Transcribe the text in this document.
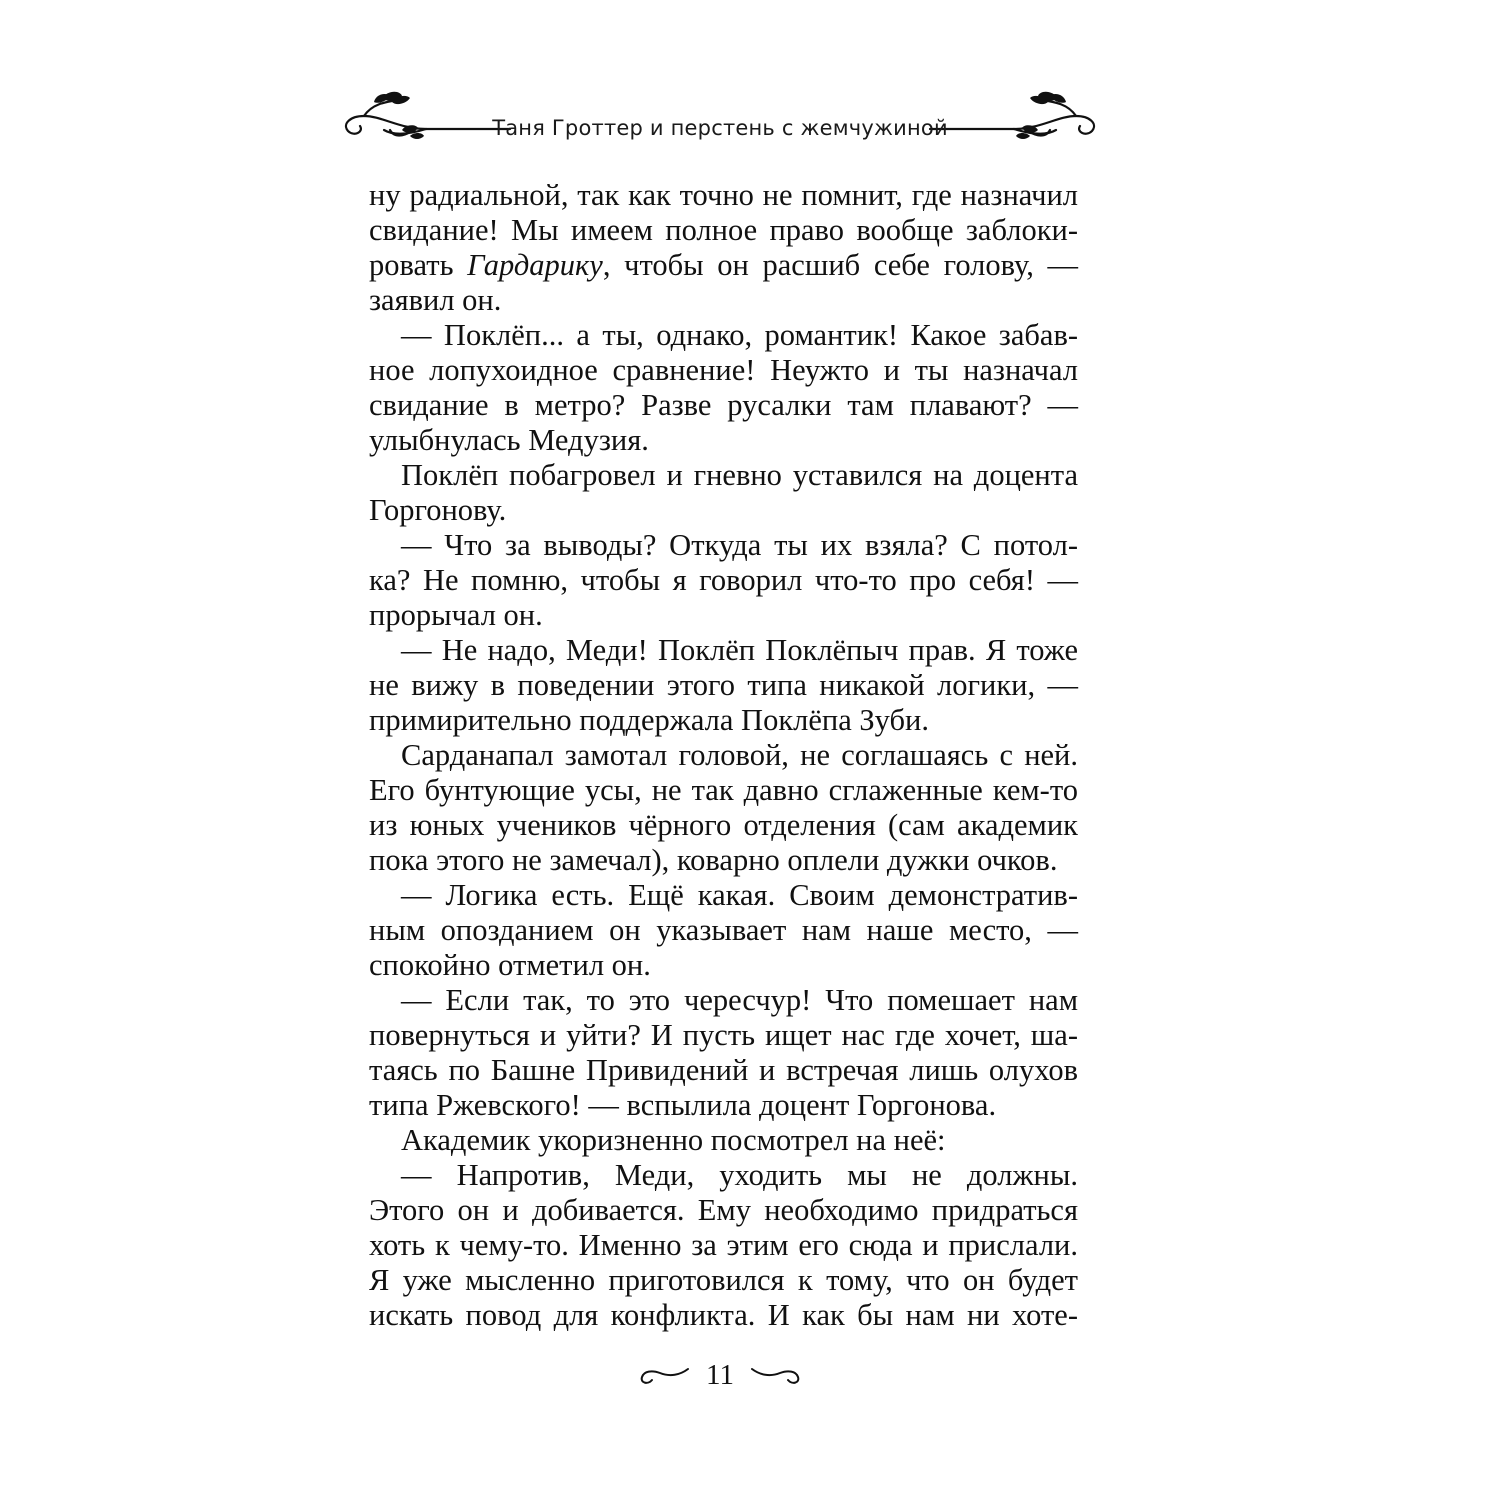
Таня Гроттер и перстень с жемчужиной
ну радиальной, так как точно не помнит, где назначил
свидание! Мы имеем полное право вообще заблоки-
ровать Гардарику, чтобы он расшиб себе голову, —
заявил он.
— Поклёп... а ты, однако, романтик! Какое забав-
ное лопухоидное сравнение! Неужто и ты назначал
свидание в метро? Разве русалки там плавают? —
улыбнулась Медузия.
Поклёп побагровел и гневно уставился на доцента
Горгонову.
— Что за выводы? Откуда ты их взяла? С потол-
ка? Не помню, чтобы я говорил что-то про себя! —
прорычал он.
— Не надо, Меди! Поклёп Поклёпыч прав. Я тоже
не вижу в поведении этого типа никакой логики, —
примирительно поддержала Поклёпа Зуби.
Сарданапал замотал головой, не соглашаясь с ней.
Его бунтующие усы, не так давно сглаженные кем-то
из юных учеников чёрного отделения (сам академик
пока этого не замечал), коварно оплели дужки очков.
— Логика есть. Ещё какая. Своим демонстратив-
ным опозданием он указывает нам наше место, —
спокойно отметил он.
— Если так, то это чересчур! Что помешает нам
повернуться и уйти? И пусть ищет нас где хочет, ша-
таясь по Башне Привидений и встречая лишь олухов
типа Ржевского! — вспылила доцент Горгонова.
Академик укоризненно посмотрел на неё:
— Напротив, Меди, уходить мы не должны.
Этого он и добивается. Ему необходимо придраться
хоть к чему-то. Именно за этим его сюда и прислали.
Я уже мысленно приготовился к тому, что он будет
искать повод для конфликта. И как бы нам ни хоте-
11
